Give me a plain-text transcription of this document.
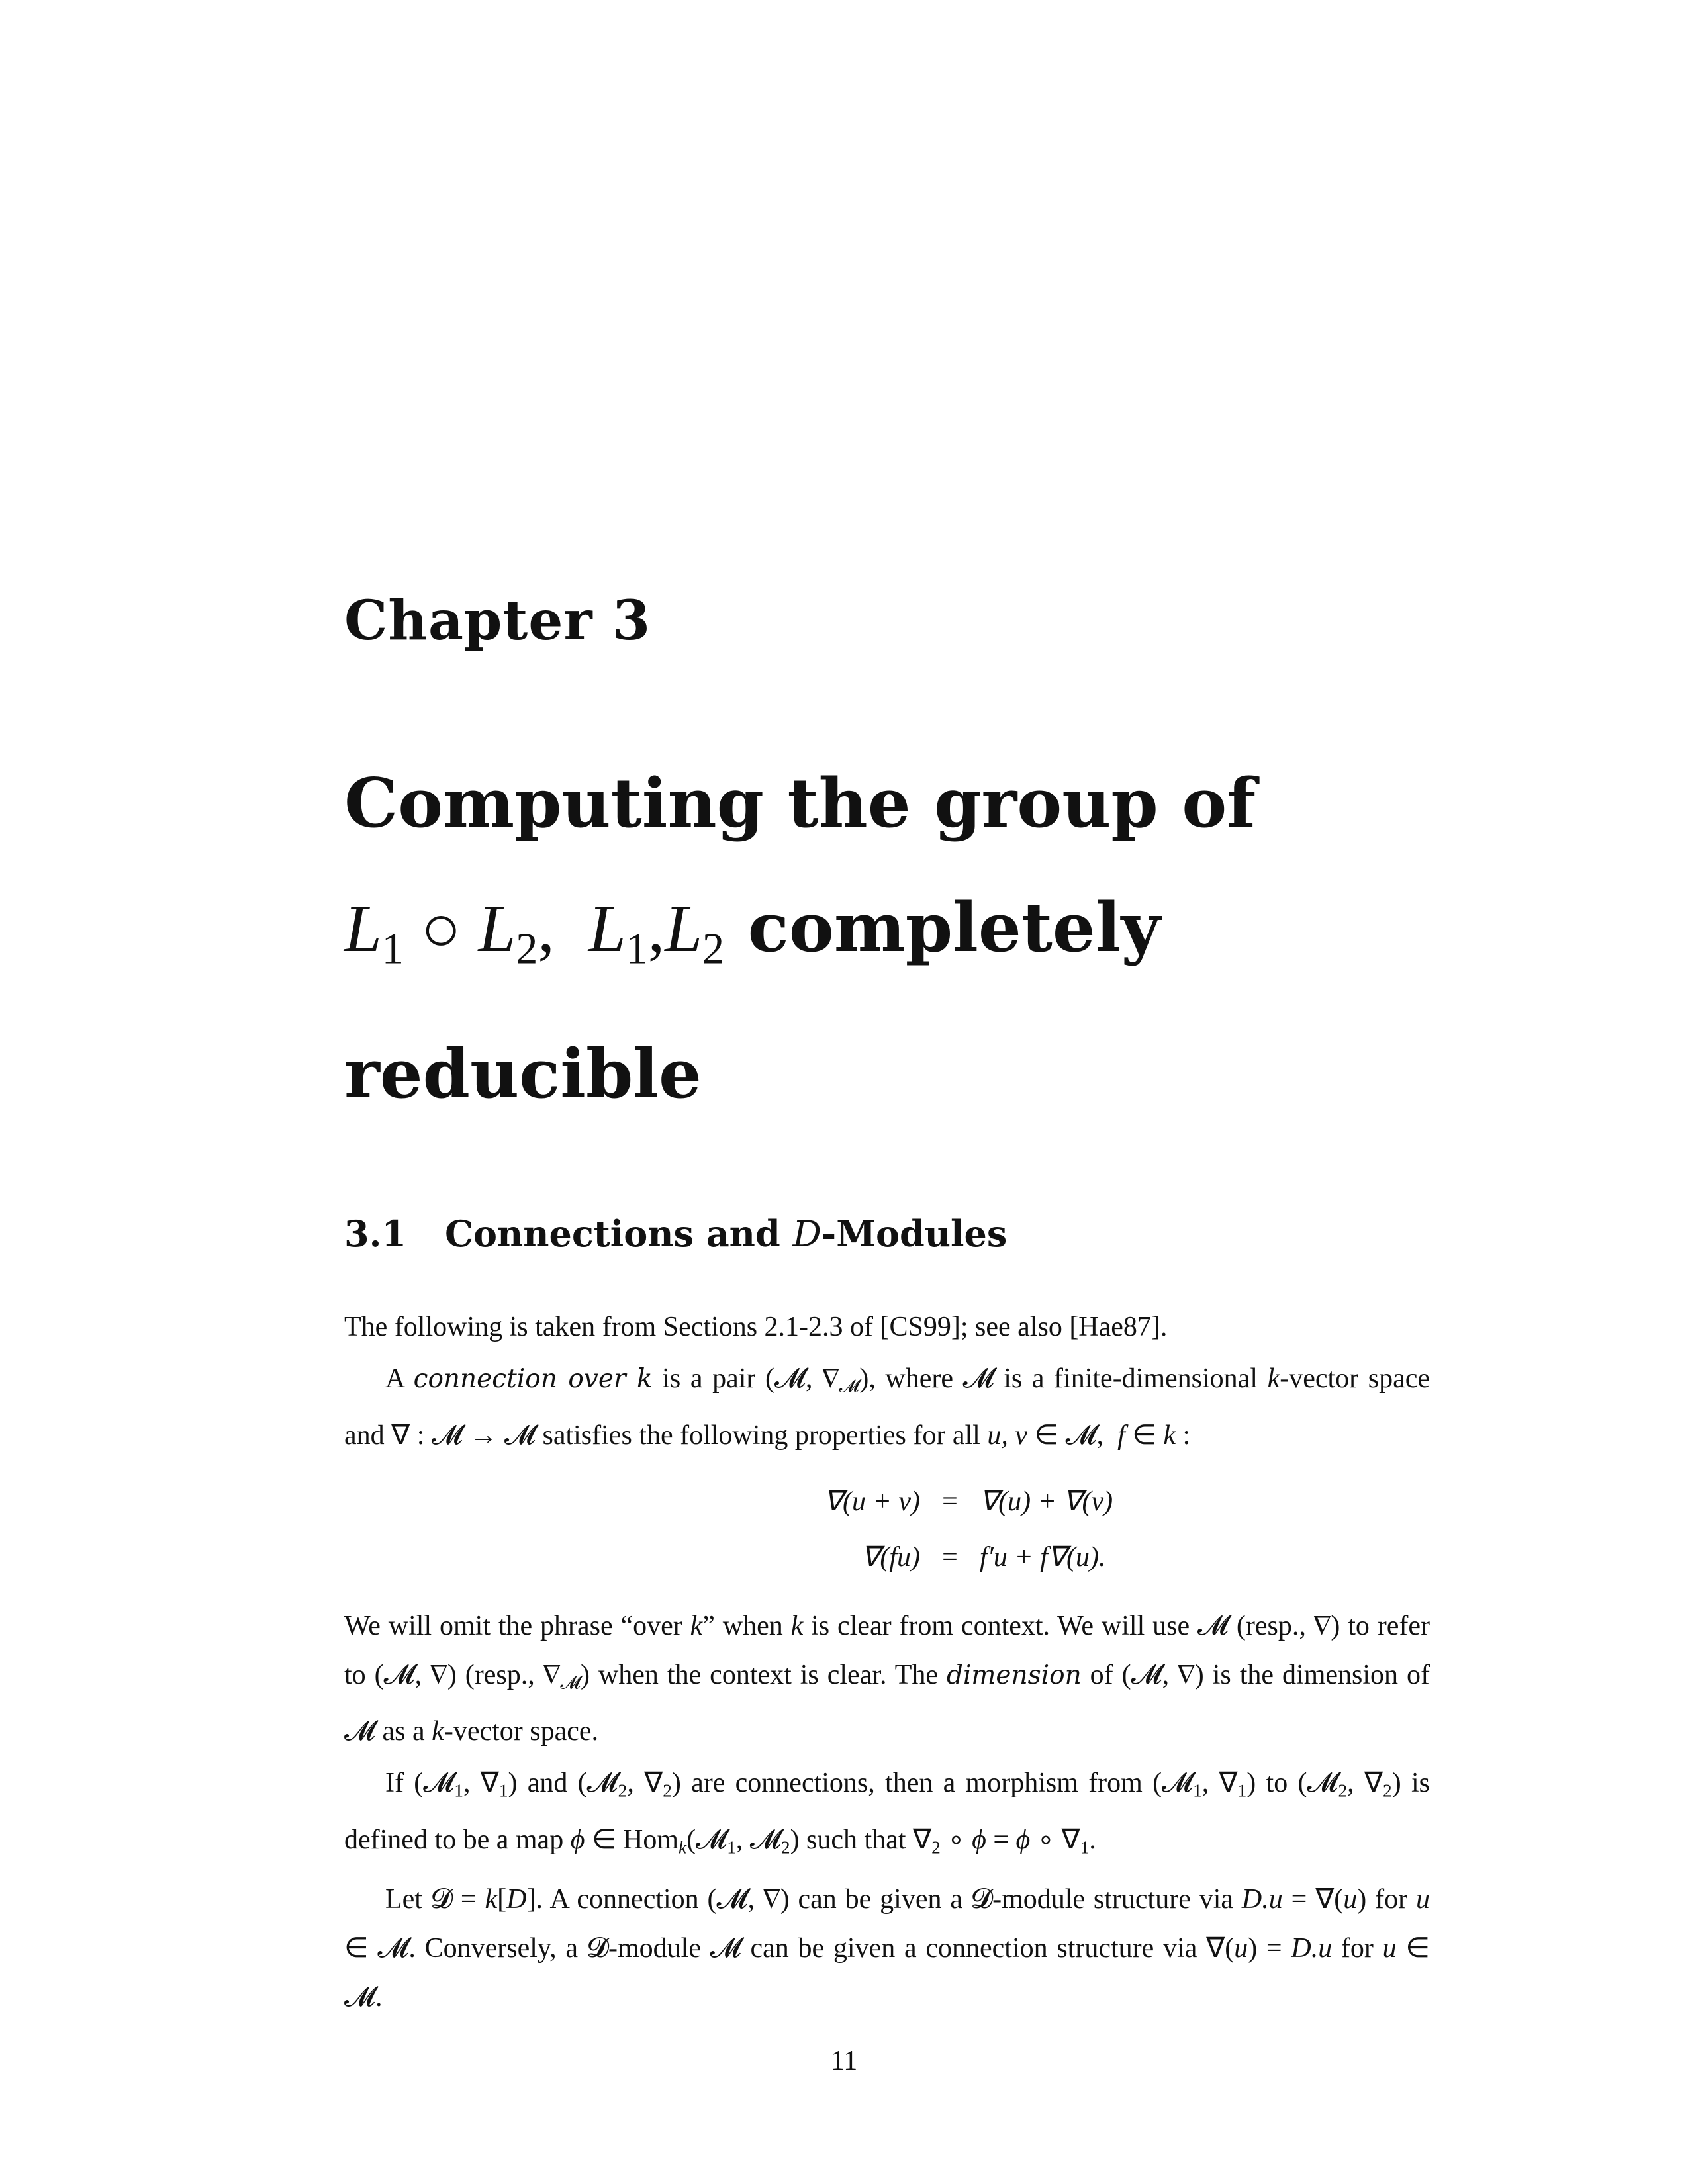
Chapter 3
Computing the group of
$L_1$ ○ $L_2$, $L_1,L_2$ completely
reducible
3.1 Connections and D-Modules

The following is taken from Sections 2.1-2.3 of [CS99]; see also [Hae87].

A connection over k is a pair (𝓜, $\nabla_𝓜$), where 𝓜 is a finite-dimensional k-vector space and ∇ : 𝓜 → 𝓜 satisfies the following properties for all u, v ∈ 𝓜,  f ∈ k :

∇(u + v) = ∇(u) + ∇(v)
∇(fu) = f′u + f∇(u).

We will omit the phrase “over k” when k is clear from context. We will use 𝓜 (resp., ∇) to refer to (𝓜, ∇) (resp., $\nabla_𝓜$) when the context is clear. The dimension of (𝓜, ∇) is the dimension of 𝓜 as a k-vector space.

If (𝓜$_1$, $\nabla_1$) and (𝓜$_2$, $\nabla_2$) are connections, then a morphism from (𝓜$_1$, $\nabla_1$) to (𝓜$_2$, $\nabla_2$) is defined to be a map ϕ ∈ Hom$_k$(𝓜$_1$, 𝓜$_2$) such that $\nabla_2$ ∘ ϕ = ϕ ∘ $\nabla_1$.

Let 𝓓 = k[D]. A connection (𝓜, ∇) can be given a 𝓓-module structure via D.u = ∇(u) for u ∈ 𝓜. Conversely, a 𝓓-module 𝓜 can be given a connection structure via ∇(u) = D.u for u ∈ 𝓜.

11
